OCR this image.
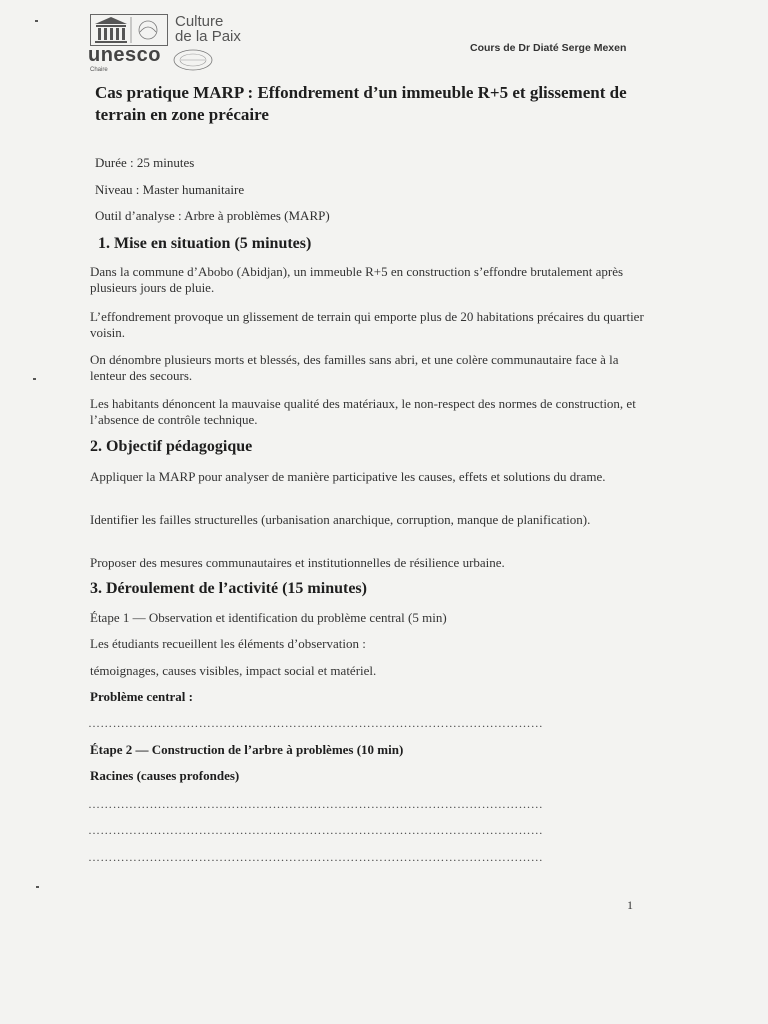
Culture
de la Paix
unesco
Chaire
Cours de Dr Diaté Serge Mexen
Cas pratique MARP : Effondrement d’un immeuble R+5 et glissement de terrain en zone précaire

Durée : 25 minutes

Niveau : Master humanitaire

Outil d’analyse : Arbre à problèmes (MARP)

1. Mise en situation (5 minutes)

Dans la commune d’Abobo (Abidjan), un immeuble R+5 en construction s’effondre brutalement après plusieurs jours de pluie.

L’effondrement provoque un glissement de terrain qui emporte plus de 20 habitations précaires du quartier voisin.

On dénombre plusieurs morts et blessés, des familles sans abri, et une colère communautaire face à la lenteur des secours.

Les habitants dénoncent la mauvaise qualité des matériaux, le non-respect des normes de construction, et l’absence de contrôle technique.

2. Objectif pédagogique

Appliquer la MARP pour analyser de manière participative les causes, effets et solutions du drame.

Identifier les failles structurelles (urbanisation anarchique, corruption, manque de planification).

Proposer des mesures communautaires et institutionnelles de résilience urbaine.

3. Déroulement de l’activité (15 minutes)

Étape 1 — Observation et identification du problème central (5 min)

Les étudiants recueillent les éléments d’observation :

témoignages, causes visibles, impact social et matériel.

Problème central :

…………………………………………………………………………………………………

Étape 2 — Construction de l’arbre à problèmes (10 min)

Racines (causes profondes)

…………………………………………………………………………………………………

…………………………………………………………………………………………………

…………………………………………………………………………………………………

1
